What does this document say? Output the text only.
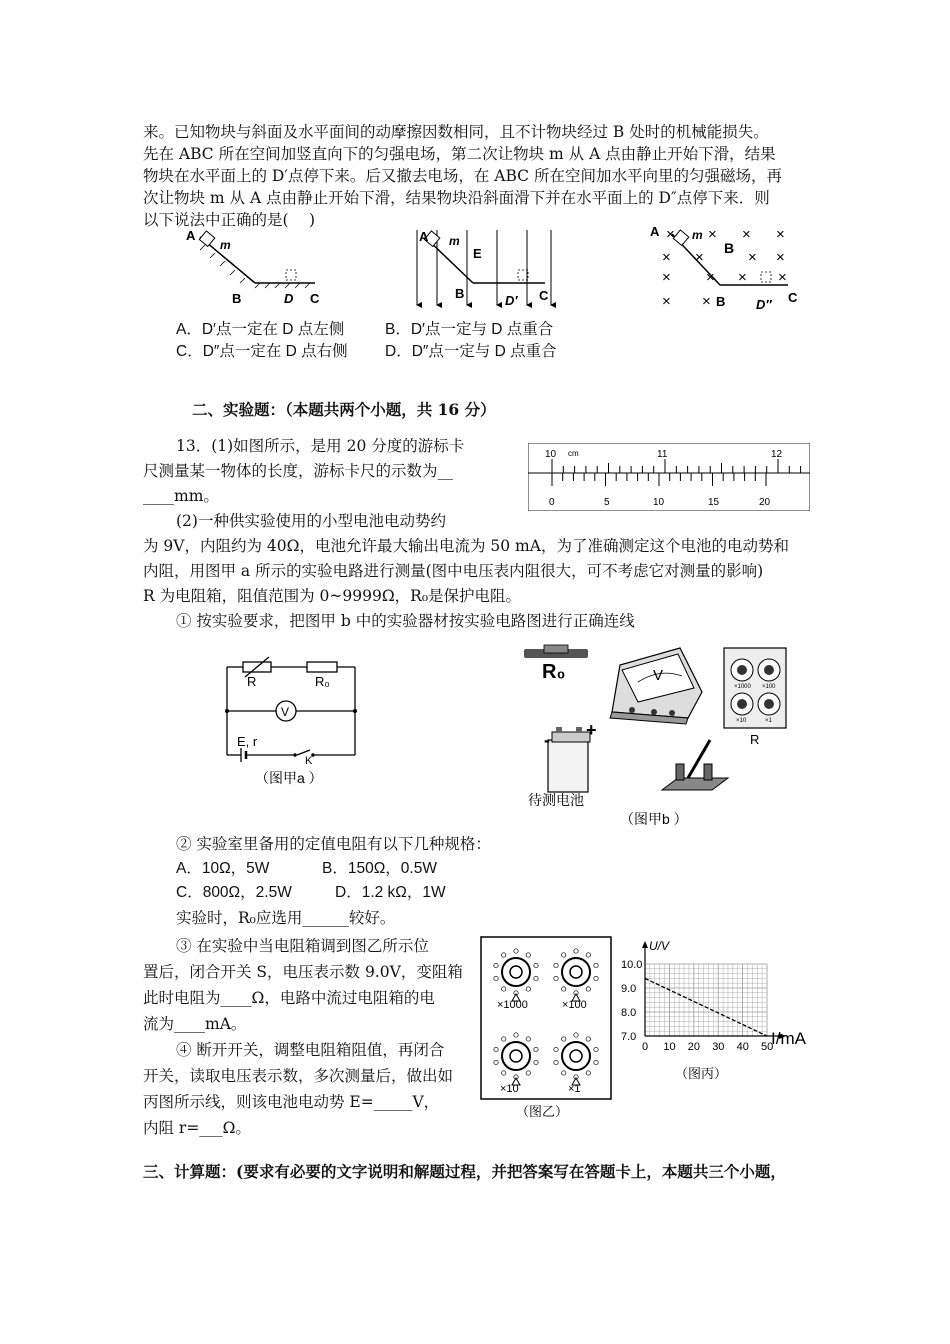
来。已知物块与斜面及水平面间的动摩擦因数相同，且不计物块经过 B 处时的机械能损失。
先在 ABC 所在空间加竖直向下的匀强电场，第二次让物块 m 从 A 点由静止开始下滑，结果
物块在水平面上的 D′点停下来。后又撤去电场，在 ABC 所在空间加水平向里的匀强磁场，再
次让物块 m 从 A 点由静止开始下滑，结果物块沿斜面滑下并在水平面上的 D″点停下来．则
以下说法中正确的是(　 )
A
m
B	D C
A m
E
B	D′ C
× × × ×
× ×	× ×
× × × ×
× ×
A	m
B
B D″ C
A．D′点一定在 D 点左侧	B．D′点一定与 D 点重合
C．D″点一定在 D 点右侧 D．D″点一定与 D 点重合
二、实验题：（本题共两个小题，共 16 分）
13．(1)如图所示，是用 20 分度的游标卡
尺测量某一物体的长度，游标卡尺的示数为__
____mm。
10 cm	11	12
0	5	10	15	20
(2)一种供实验使用的小型电池电动势约
为 9V，内阻约为 40Ω，电池允许最大输出电流为 50 mA，为了准确测定这个电池的电动势和
内阻，用图甲 a 所示的实验电路进行测量(图中电压表内阻很大，可不考虑它对测量的影响)
R 为电阻箱，阻值范围为 0~9999Ω，R₀是保护电阻。
① 按实验要求，把图甲 b 中的实验器材按实验电路图进行正确连线
R	R₀
V
E, r
K
（图甲a ）
R₀	V
×1000 ×100
×10	×1
R
+
-
待测电池
（图甲b ）
② 实验室里备用的定值电阻有以下几种规格：
A．10Ω，5W	B．150Ω，0.5W
C．800Ω，2.5W	D．1.2 kΩ，1W
实验时，R₀应选用______较好。
③ 在实验中当电阻箱调到图乙所示位
置后，闭合开关 S，电压表示数 9.0V，变阻箱
此时电阻为____Ω，电路中流过电阻箱的电
流为____mA。
④ 断开开关，调整电阻箱阻值，再闭合
开关，读取电压表示数，多次测量后，做出如
丙图所示线，则该电池电动势 E=_____V，
内阻 r=___Ω。
×1000	×100
×10	×1
（图乙）
0 10 20 30 40 50
7.0
8.0
9.0
10.0
U/V
I/mA
（图丙）
三、计算题：(要求有必要的文字说明和解题过程，并把答案写在答题卡上，本题共三个小题，
